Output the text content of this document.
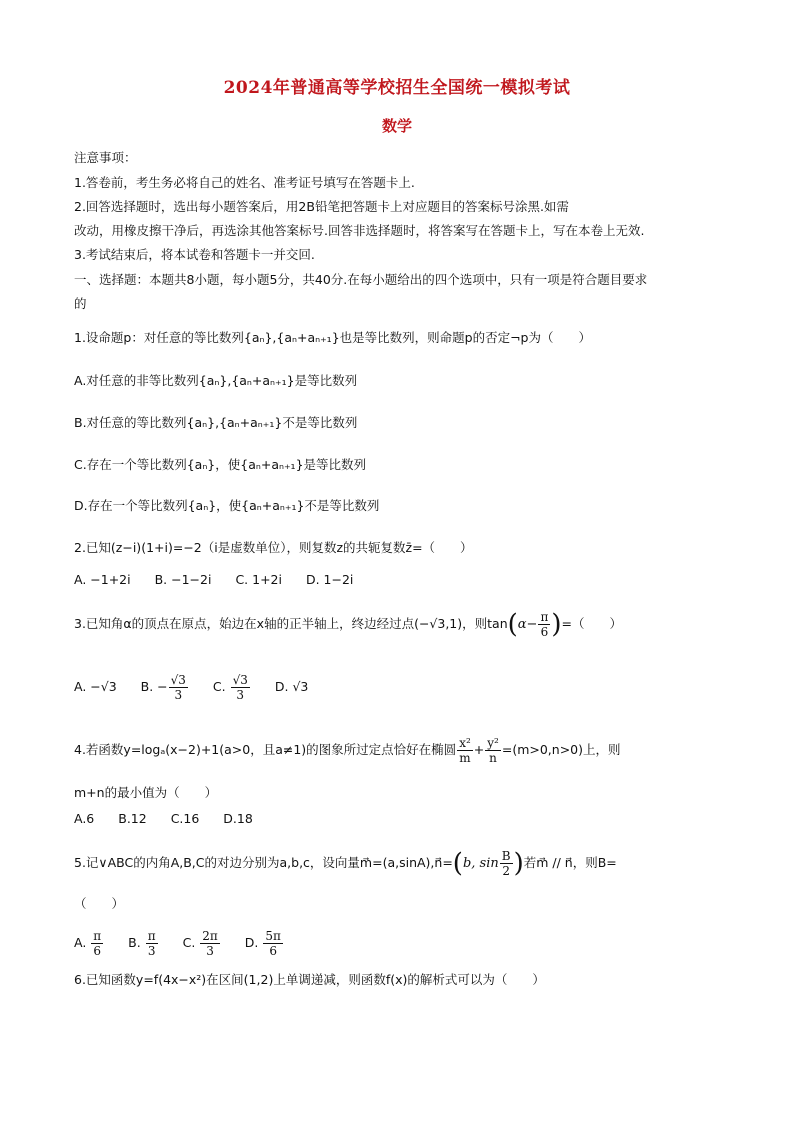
2024年普通高等学校招生全国统一模拟考试
数学
注意事项：
1.答卷前，考生务必将自己的姓名、准考证号填写在答题卡上.
2.回答选择题时，选出每小题答案后，用2B铅笔把答题卡上对应题目的答案标号涂黑.如需
改动，用橡皮擦干净后，再选涂其他答案标号.回答非选择题时，将答案写在答题卡上，写在本卷上无效.
3.考试结束后，将本试卷和答题卡一并交回.
一、选择题：本题共8小题，每小题5分，共40分.在每小题给出的四个选项中，只有一项是符合题目要求
的
1.设命题p：对任意的等比数列{aₙ},{aₙ+aₙ₊₁}也是等比数列，则命题p的否定¬p为（　　）
A.对任意的非等比数列{aₙ},{aₙ+aₙ₊₁}是等比数列
B.对任意的等比数列{aₙ},{aₙ+aₙ₊₁}不是等比数列
C.存在一个等比数列{aₙ}，使{aₙ+aₙ₊₁}是等比数列
D.存在一个等比数列{aₙ}，使{aₙ+aₙ₊₁}不是等比数列
2.已知(z−i)(1+i)=−2（i是虚数单位），则复数z的共轭复数z̄=（　　）
A. −1+2i B. −1−2i C. 1+2i D. 1−2i
3.已知角α的顶点在原点，始边在x轴的正半轴上，终边经过点(−√3,1)，则$\tan(\alpha- \frac{\pi}{6}$ )=（　　）
A. −√3 B. − $\frac{√3}{3} C$. $\frac{√3}{3} D$. √3
4.若函数y=logₐ(x−2)+1(a>0，且a≠1)的图象所过定点恰好在椭圆 $\frac{\text{x²}}{m} + \frac{\text{y²}}{n} =(m>0,n>0)$上，则
m+n的最小值为（　　）
A.6 B.12 C.16 D.18
5.记∨ABC的内角A,B,C的对边分别为a,b,c，设向量m⃗=(a,sinA),n⃗=(b, $\sin \frac{B}{2}$ )若m⃗ // n⃗，则B=
（　　）
A. $\frac{\pi}{6} B$. $\frac{\pi}{3} C$. $\frac{2\pi}{3} D$. $\frac{5\pi}{6}$
6.已知函数y=f(4x−x²)在区间(1,2)上单调递减，则函数f(x)的解析式可以为（　　）
